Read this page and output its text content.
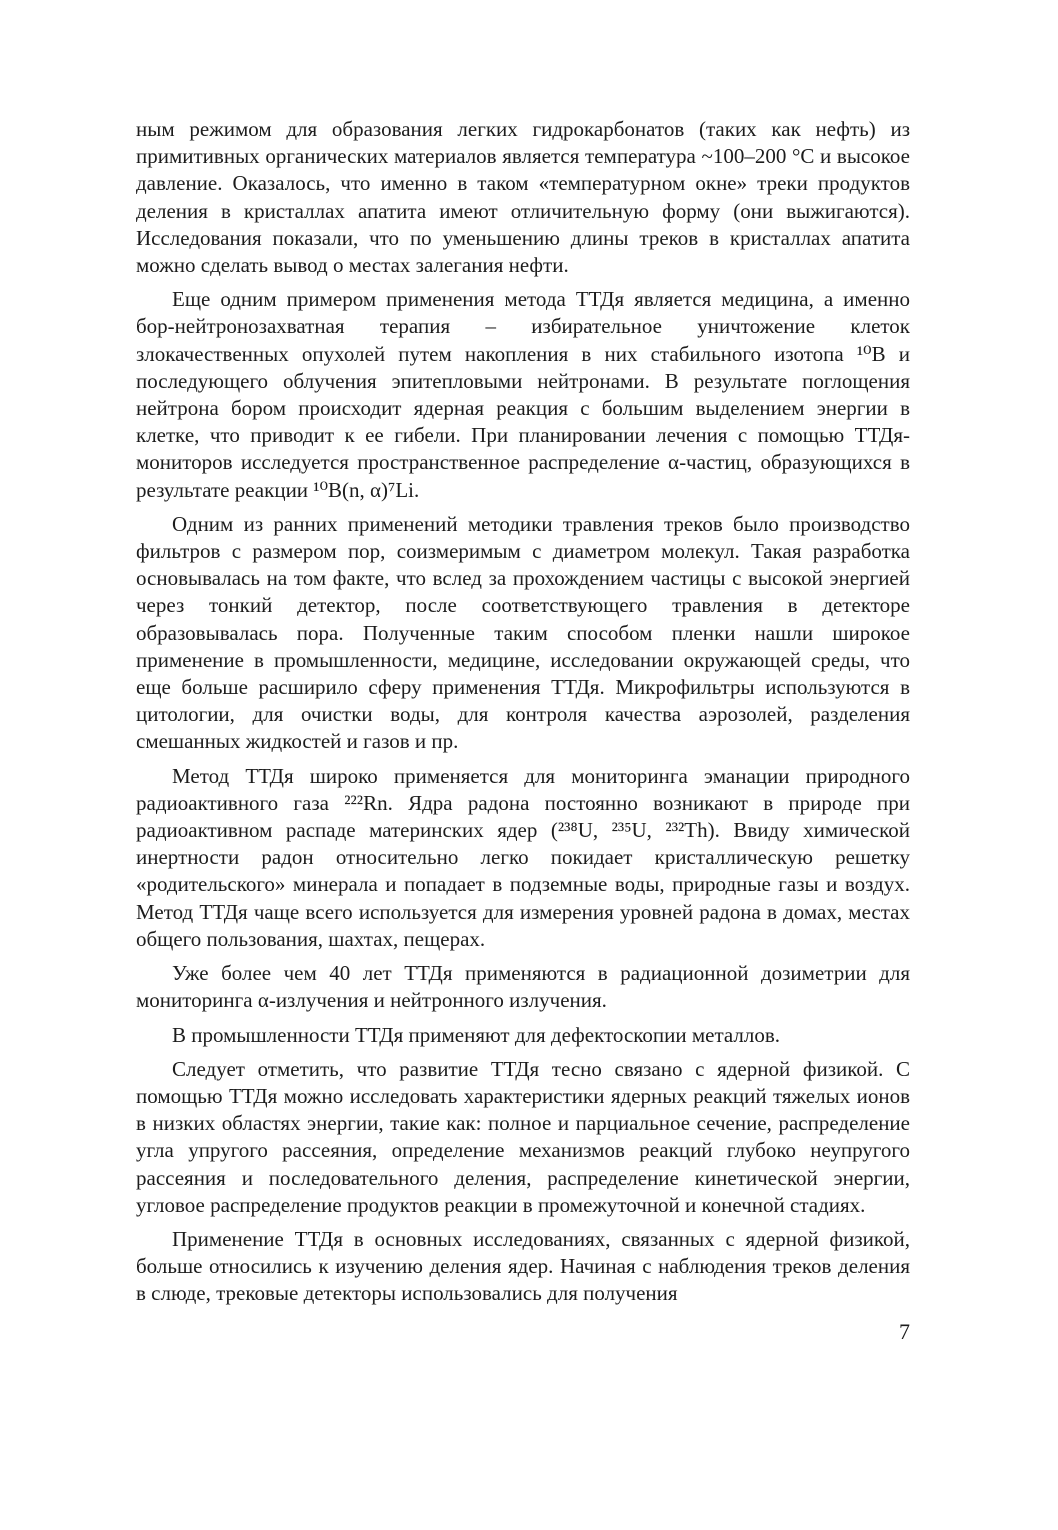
ным режимом для образования легких гидрокарбонатов (таких как нефть) из примитивных органических материалов является температура ~100–200 °С и высокое давление. Оказалось, что именно в таком «температурном окне» треки продуктов деления в кристаллах апатита имеют отличительную форму (они выжигаются). Исследования показали, что по уменьшению длины треков в кристаллах апатита можно сделать вывод о местах залегания нефти.

Еще одним примером применения метода ТТДя является медицина, а именно бор-нейтронозахватная терапия – избирательное уничтожение клеток злокачественных опухолей путем накопления в них стабильного изотопа ¹⁰B и последующего облучения эпитепловыми нейтронами. В результате поглощения нейтрона бором происходит ядерная реакция с большим выделением энергии в клетке, что приводит к ее гибели. При планировании лечения с помощью ТТДя-мониторов исследуется пространственное распределение α-частиц, образующихся в результате реакции ¹⁰B(n, α)⁷Li.

Одним из ранних применений методики травления треков было производство фильтров с размером пор, соизмеримым с диаметром молекул. Такая разработка основывалась на том факте, что вслед за прохождением частицы с высокой энергией через тонкий детектор, после соответствующего травления в детекторе образовывалась пора. Полученные таким способом пленки нашли широкое применение в промышленности, медицине, исследовании окружающей среды, что еще больше расширило сферу применения ТТДя. Микрофильтры используются в цитологии, для очистки воды, для контроля качества аэрозолей, разделения смешанных жидкостей и газов и пр.

Метод ТТДя широко применяется для мониторинга эманации природного радиоактивного газа ²²²Rn. Ядра радона постоянно возникают в природе при радиоактивном распаде материнских ядер (²³⁸U, ²³⁵U, ²³²Th). Ввиду химической инертности радон относительно легко покидает кристаллическую решетку «родительского» минерала и попадает в подземные воды, природные газы и воздух. Метод ТТДя чаще всего используется для измерения уровней радона в домах, местах общего пользования, шахтах, пещерах.

Уже более чем 40 лет ТТДя применяются в радиационной дозиметрии для мониторинга α-излучения и нейтронного излучения.

В промышленности ТТДя применяют для дефектоскопии металлов.

Следует отметить, что развитие ТТДя тесно связано с ядерной физикой. С помощью ТТДя можно исследовать характеристики ядерных реакций тяжелых ионов в низких областях энергии, такие как: полное и парциальное сечение, распределение угла упругого рассеяния, определение механизмов реакций глубоко неупругого рассеяния и последовательного деления, распределение кинетической энергии, угловое распределение продуктов реакции в промежуточной и конечной стадиях.

Применение ТТДя в основных исследованиях, связанных с ядерной физикой, больше относились к изучению деления ядер. Начиная с наблюдения треков деления в слюде, трековые детекторы использовались для получения

7
